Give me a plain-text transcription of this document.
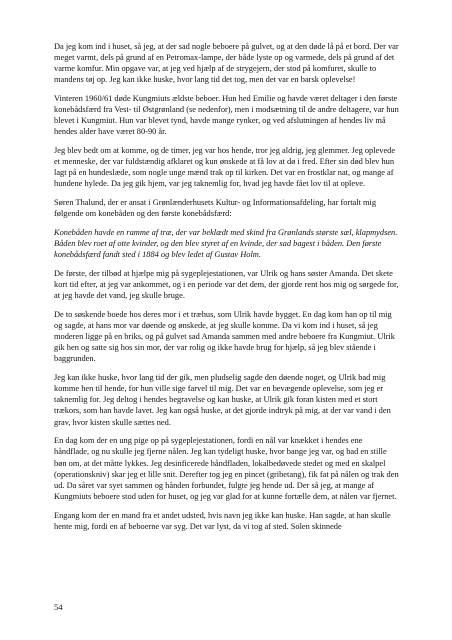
Da jeg kom ind i huset, så jeg, at der sad nogle beboere på gulvet, og at den døde lå på et bord. Der var meget varmt, dels på grund af en Petromax-lampe, der både lyste op og varmede, dels på grund af det varme komfur. Min opgave var, at jeg ved hjælp af de strygejern, der stod på komfuret, skulle to mandens tøj op. Jeg kan ikke huske, hvor lang tid det tog, men det var en barsk oplevelse!

Vinteren 1960/61 døde Kungmiuts ældste beboer. Hun hed Emilie og havde været deltager i den første konebådsfærd fra Vest- til Østgrønland (se nedenfor), men i modsætning til de andre deltagere, var hun blevet i Kungmiut. Hun var blevet tynd, havde mange rynker, og ved afslutningen af hendes liv må hendes alder have været 80-90 år.

Jeg blev bedt om at komme, og de timer, jeg var hos hende, tror jeg aldrig, jeg glemmer. Jeg oplevede et menneske, der var fuldstændig afklaret og kun ønskede at få lov at dø i fred. Efter sin død blev hun lagt på en hundeslæde, som nogle unge mænd trak op til kirken. Det var en frostklar nat, og mange af hundene hylede. Da jeg gik hjem, var jeg taknemlig for, hvad jeg havde fået lov til at opleve.

Søren Thalund, der er ansat i Grønlænderhusets Kultur- og Informationsafdeling, har fortalt mig følgende om konebåden og den første konebådsfærd:

Konebåden havde en ramme af træ, der var beklædt med skind fra Grønlands største sæl, klapmydsen. Båden blev roet af otte kvinder, og den blev styret af en kvinde, der sad bagest i båden. Den første konebådsfærd fandt sted i 1884 og blev ledet af Gustav Holm.

De første, der tilbød at hjælpe mig på sygeplejestationen, var Ulrik og hans søster Amanda. Det skete kort tid efter, at jeg var ankommet, og i en periode var det dem, der gjorde rent hos mig og sørgede for, at jeg havde det vand, jeg skulle bruge.

De to søskende boede hos deres mor i et træhus, som Ulrik havde bygget. En dag kom han op til mig og sagde, at hans mor var døende og ønskede, at jeg skulle komme. Da vi kom ind i huset, så jeg moderen ligge på en briks, og på gulvet sad Amanda sammen med andre beboere fra Kungmiut. Ulrik gik hen og satte sig hos sin mor, der var rolig og ikke havde brug for hjælp, så jeg blev stående i baggrunden.

Jeg kan ikke huske, hvor lang tid der gik, men pludselig sagde den døende noget, og Ulrik bad mig komme hen til hende, for hun ville sige farvel til mig. Det var en bevægende oplevelse, som jeg er taknemlig for. Jeg deltog i hendes begravelse og kan huske, at Ulrik gik foran kisten med et stort trækors, som han havde lavet. Jeg kan også huske, at det gjorde indtryk på mig, at der var vand i den grav, hvor kisten skulle sættes ned.

En dag kom der en ung pige op på sygeplejestationen, fordi en nål var knækket i hendes ene håndflade, og nu skulle jeg fjerne nålen. Jeg kan tydeligt huske, hvor bange jeg var, og bad en stille bøn om, at det måtte lykkes. Jeg desinficerede håndfladen, lokalbedøvede stedet og med en skalpel (operationskniv) skar jeg et lille snit. Derefter tog jeg en pincet (gribetang), fik fat på nålen og trak den ud. Da såret var syet sammen og hånden forbundet, fulgte jeg hende ud. Der så jeg, at mange af Kungmiuts beboere stod uden for huset, og jeg var glad for at kunne fortælle dem, at nålen var fjernet.

Engang kom der en mand fra et andet udsted, hvis navn jeg ikke kan huske. Han sagde, at han skulle hente mig, fordi en af beboerne var syg. Det var lyst, da vi tog af sted. Solen skinnede

54
